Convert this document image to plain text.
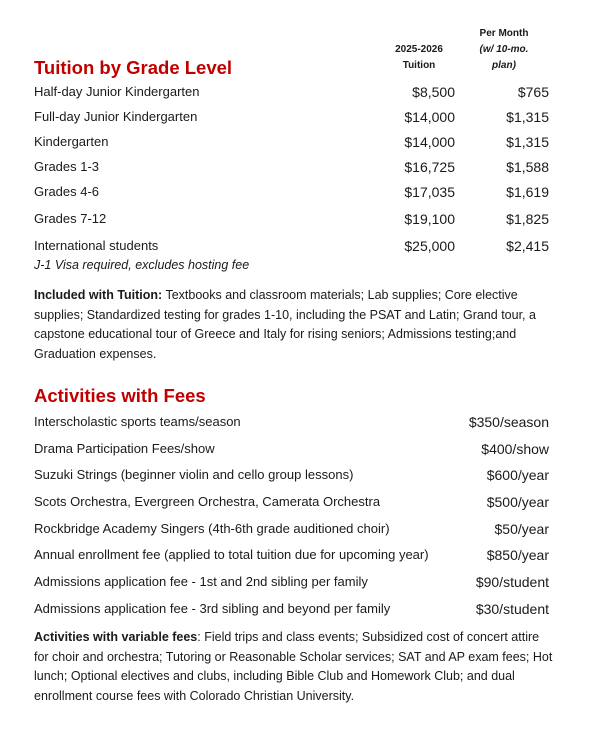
2025-2026
Tuition
Per Month
(w/ 10-mo.
plan)
Tuition by Grade Level
Half-day Junior Kindergarten	$8,500	$765
Full-day Junior Kindergarten	$14,000	$1,315
Kindergarten	$14,000	$1,315
Grades 1-3	$16,725	$1,588
Grades 4-6	$17,035	$1,619
Grades 7-12	$19,100	$1,825
International students	$25,000	$2,415
J-1 Visa required, excludes hosting fee
Included with Tuition: Textbooks and classroom materials; Lab supplies; Core elective supplies; Standardized testing for grades 1-10, including the PSAT and Latin; Grand tour, a capstone educational tour of Greece and Italy for rising seniors; Admissions testing;and Graduation expenses.
Activities with Fees
Interscholastic sports teams/season	$350/season
Drama Participation Fees/show	$400/show
Suzuki Strings (beginner violin and cello group lessons)	$600/year
Scots Orchestra, Evergreen Orchestra, Camerata Orchestra	$500/year
Rockbridge Academy Singers (4th-6th grade auditioned choir)	$50/year
Annual enrollment fee (applied to total tuition due for upcoming year)	$850/year
Admissions application fee - 1st and 2nd sibling per family	$90/student
Admissions application fee - 3rd sibling and beyond per family	$30/student
Activities with variable fees: Field trips and class events; Subsidized cost of concert attire for choir and orchestra; Tutoring or Reasonable Scholar services; SAT and AP exam fees; Hot lunch; Optional electives and clubs, including Bible Club and Homework Club; and dual enrollment course fees with Colorado Christian University.
